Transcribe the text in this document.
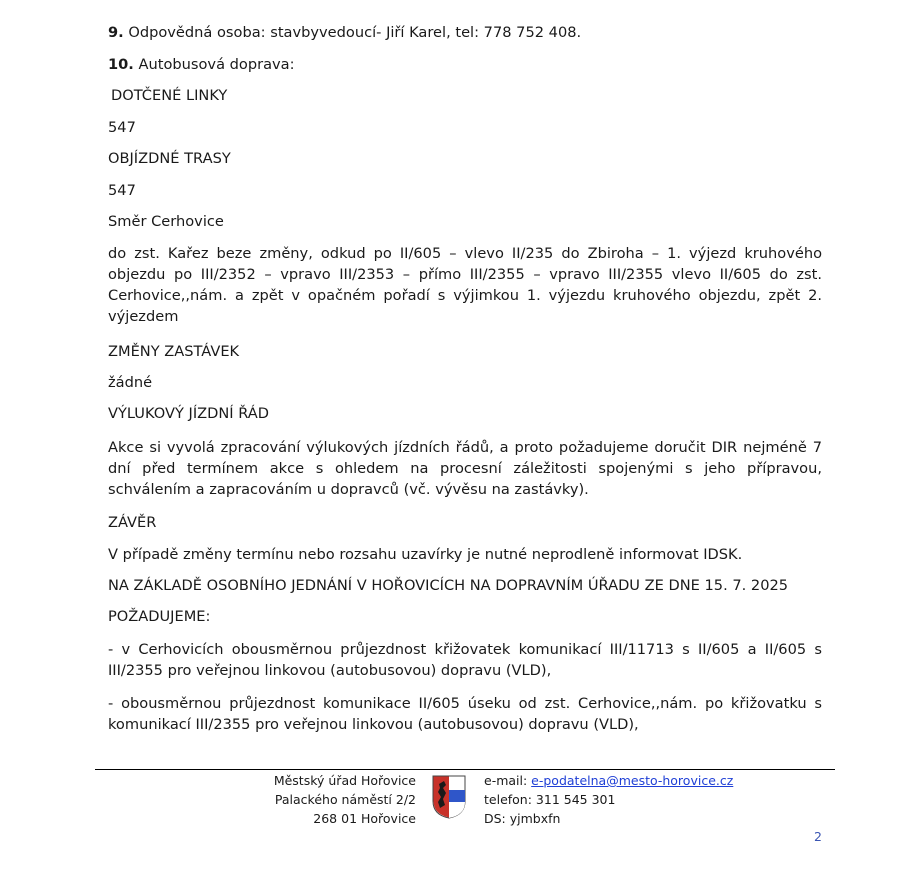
9. Odpovědná osoba: stavbyvedoucí- Jiří Karel, tel: 778 752 408.

10. Autobusová doprava:

DOTČENÉ LINKY

547

OBJÍZDNÉ TRASY

547

Směr Cerhovice

do zst. Kařez beze změny, odkud po II/605 – vlevo II/235 do Zbiroha – 1. výjezd kruhového
objezdu po III/2352 – vpravo III/2353 – přímo III/2355 – vpravo III/2355 vlevo II/605 do zst.
Cerhovice,,nám. a zpět v opačném pořadí s výjimkou 1. výjezdu kruhového objezdu, zpět 2.
výjezdem

ZMĚNY ZASTÁVEK

žádné

VÝLUKOVÝ JÍZDNÍ ŘÁD

Akce si vyvolá zpracování výlukových jízdních řádů, a proto požadujeme doručit DIR nejméně 7
dní před termínem akce s ohledem na procesní záležitosti spojenými s jeho přípravou,
schválením a zapracováním u dopravců (vč. vývěsu na zastávky).

ZÁVĚR

V případě změny termínu nebo rozsahu uzavírky je nutné neprodleně informovat IDSK.

NA ZÁKLADĚ OSOBNÍHO JEDNÁNÍ V HOŘOVICÍCH NA DOPRAVNÍM ÚŘADU ZE DNE 15. 7. 2025

POŽADUJEME:

- v Cerhovicích obousměrnou průjezdnost křižovatek komunikací III/11713 s II/605 a II/605 s
III/2355 pro veřejnou linkovou (autobusovou) dopravu (VLD),
- obousměrnou průjezdnost komunikace II/605 úseku od zst. Cerhovice,,nám. po křižovatku s
komunikací III/2355 pro veřejnou linkovou (autobusovou) dopravu (VLD),
Městský úřad Hořovice
Palackého náměstí 2/2
268 01 Hořovice
e-mail: e-podatelna@mesto-horovice.cz
telefon: 311 545 301
DS: yjmbxfn
2
